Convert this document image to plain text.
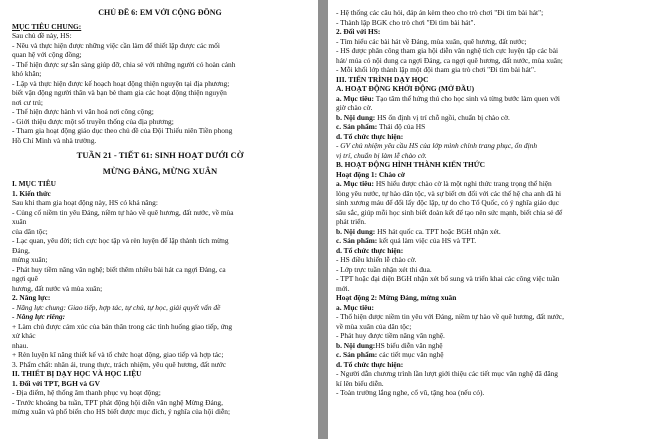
CHỦ ĐỀ 6: EM VỚI CỘNG ĐỒNG
MỤC TIÊU CHUNG:
Sau chủ đề này, HS:
- Nêu và thực hiện được những việc cần làm để thiết lập được các mối
quan hệ với cộng đồng;
- Thể hiện được sự sẵn sàng giúp đỡ, chia sẻ với những người có hoàn cảnh
khó khăn;
- Lập và thực hiện được kế hoạch hoạt động thiện nguyện tại địa phương;
biết vận động người thân và bạn bè tham gia các hoạt động thiện nguyện
nơi cư trú;
- Thể hiện được hành vi văn hoá nơi công cộng;
- Giới thiệu được một số truyền thống của địa phương;
- Tham gia hoạt động giáo dục theo chủ đề của Đội Thiếu niên Tiền phong
Hồ Chí Minh và nhà trường.
TUẦN 21 - TIẾT 61: SINH HOẠT DƯỚI CỜ
MỪNG ĐẢNG, MỪNG XUÂN
I. MỤC TIÊU
1. Kiến thức
Sau khi tham gia hoạt động này, HS có khả năng:
- Củng cố niềm tin yêu Đảng, niềm tự hào về quê hương, đất nước, về mùa
xuân
của dân tộc;
- Lạc quan, yêu đời; tích cực học tập và rèn luyện để lập thành tích mừng
Đảng,
mừng xuân;
- Phát huy tiềm năng văn nghệ; biết thêm nhiều bài hát ca ngợi Đảng, ca
ngợi quê
hương, đất nước và mùa xuân;
2. Năng lực:
- Năng lực chung: Giao tiếp, hợp tác, tự chủ, tự học, giải quyết vấn đề
- Năng lực riêng:
+ Làm chủ được cảm xúc của bản thân trong các tình huống giao tiếp, ứng
xử khác
nhau.
+ Rèn luyện kĩ năng thiết kế và tổ chức hoạt động, giao tiếp và hợp tác;
3. Phẩm chất: nhân ái, trung thực, trách nhiệm, yêu quê hương, đất nước
II. THIẾT BỊ DẠY HỌC VÀ HỌC LIỆU
1. Đối với TPT, BGH và GV
- Địa điểm, hệ thống âm thanh phục vụ hoạt động;
- Trước khoảng ba tuần, TPT phát động hội diễn văn nghệ Mừng Đảng,
mừng xuân và phổ biến cho HS biết được mục đích, ý nghĩa của hội diễn;
- Hệ thống các câu hỏi, đáp án kèm theo cho trò chơi "Đi tìm bài hát";
- Thành lập BGK cho trò chơi "Đi tìm bài hát".
2. Đối với HS:
- Tìm hiểu các bài hát về Đảng, mùa xuân, quê hương, đất nước;
- HS được phân công tham gia hội diễn văn nghệ tích cực luyện tập các bài
hát/ múa có nội dung ca ngợi Đảng, ca ngợi quê hương, đất nước, mùa xuân;
- Mỗi khối lớp thành lập một đội tham gia trò chơi "Đi tìm bài hát".
III. TIẾN TRÌNH DẠY HỌC
A. HOẠT ĐỘNG KHỞI ĐỘNG (MỞ ĐẦU)
a. Mục tiêu: Tạo tâm thế hứng thú cho học sinh và từng bước làm quen với
giờ chào cờ.
b. Nội dung: HS ổn định vị trí chỗ ngồi, chuẩn bị chào cờ.
c. Sản phẩm: Thái độ của HS
d. Tổ chức thực hiện:
- GV chủ nhiệm yêu cầu HS của lớp mình chỉnh trang phục, ổn định
vị trí, chuẩn bị làm lễ chào cờ.
B. HOẠT ĐỘNG HÌNH THÀNH KIẾN THỨC
Hoạt động 1: Chào cờ
a. Mục tiêu: HS hiểu được chào cờ là một nghi thức trang trọng thể hiện
lòng yêu nước, tự hào dân tộc, và sự biết ơn đối với các thế hệ cha anh đã hi
sinh xương máu để đổi lấy độc lập, tự do cho Tổ Quốc, có ý nghĩa giáo dục
sâu sắc, giúp mỗi học sinh biết đoàn kết để tạo nên sức mạnh, biết chia sẻ để
phát triển.
b. Nội dung: HS hát quốc ca. TPT hoặc BGH nhận xét.
c. Sản phẩm: kết quả làm việc của HS và TPT.
d. Tổ chức thực hiện:
- HS điều khiển lễ chào cờ.
- Lớp trực tuần nhận xét thi đua.
- TPT hoặc đại diện BGH nhận xét bổ sung và triển khai các công việc tuần
mới.
Hoạt động 2: Mừng Đảng, mừng xuân
a. Mục tiêu:
- Thổ hiện được niềm tin yêu với Đảng, niềm tự hào về quê hương, đất nước,
về mùa xuân của dân tộc;
- Phát huy được tiềm năng văn nghệ.
b. Nội dung:HS biểu diễn văn nghệ
c. Sản phẩm: các tiết mục văn nghệ
d. Tổ chức thực hiện:
- Người dẫn chương trình lần lượt giới thiệu các tiết mục văn nghệ đã đăng
kí lên biểu diễn.
- Toàn trường lắng nghe, cổ vũ, tặng hoa (nếu có).
